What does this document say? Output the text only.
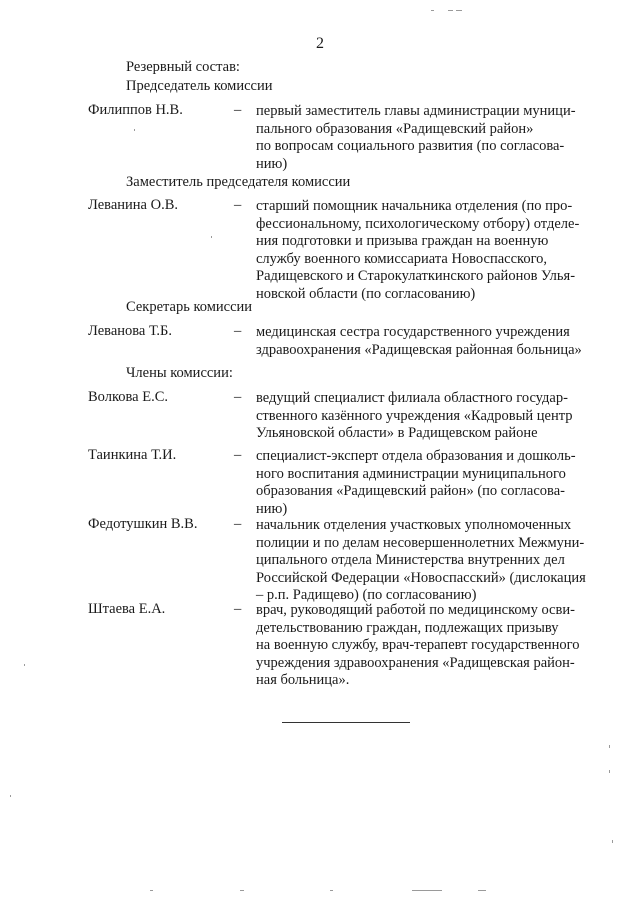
2
Резервный состав:
Председатель комиссии
Филиппов Н.В.	– первый заместитель главы администрации муници-
пального образования «Радищевский район»
по вопросам социального развития (по согласова-
нию)
Заместитель председателя комиссии
Леванина О.В.	– старший помощник начальника отделения (по про-
фессиональному, психологическому отбору) отделе-
ния подготовки и призыва граждан на военную
службу военного комиссариата Новоспасского,
Радищевского и Старокулаткинского районов Улья-
новской области (по согласованию)
Секретарь комиссии
Леванова Т.Б.	– медицинская сестра государственного учреждения
здравоохранения «Радищевская районная больница»
Члены комиссии:
Волкова Е.С.	– ведущий специалист филиала областного государ-
ственного казённого учреждения «Кадровый центр
Ульяновской области» в Радищевском районе
Таинкина Т.И.	– специалист-эксперт отдела образования и дошколь-
ного воспитания администрации муниципального
образования «Радищевский район» (по согласова-
нию)
Федотушкин В.В.	– начальник отделения участковых уполномоченных
полиции и по делам несовершеннолетних Межмуни-
ципального отдела Министерства внутренних дел
Российской Федерации «Новоспасский» (дислокация
– р.п. Радищево) (по согласованию)
Штаева Е.А.	– врач, руководящий работой по медицинскому осви-
детельствованию граждан, подлежащих призыву
на военную службу, врач-терапевт государственного
учреждения здравоохранения «Радищевская район-
ная больница».
